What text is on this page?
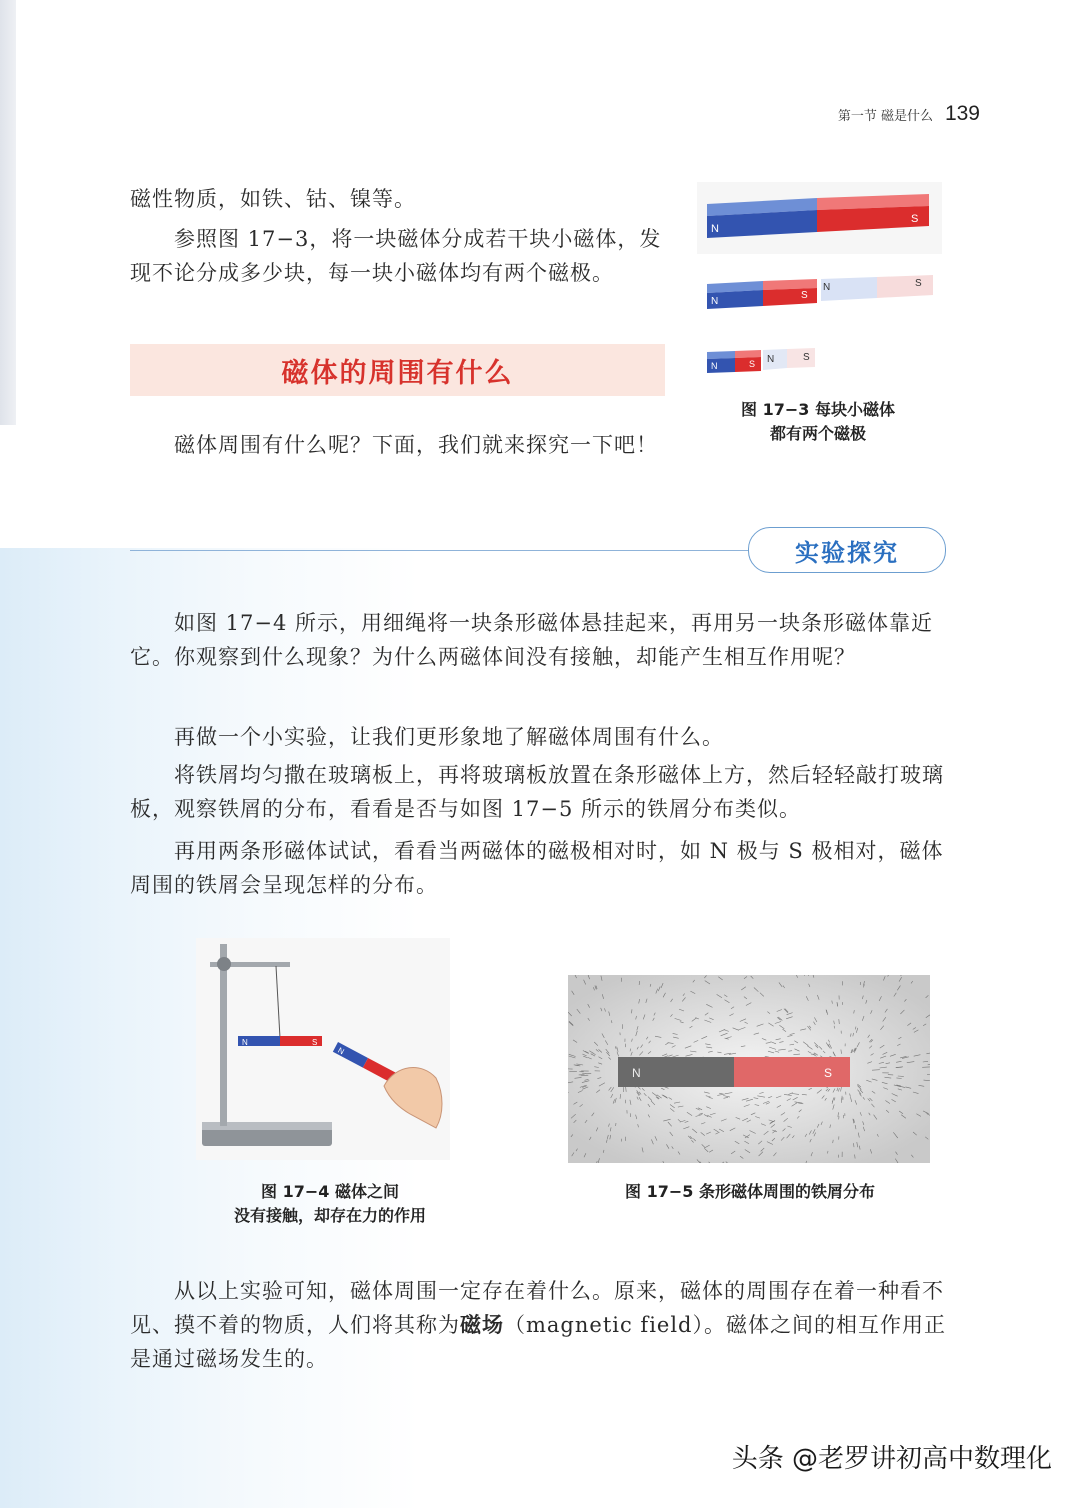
第一节 磁是什么 139

磁性物质，如铁、钴、镍等。

参照图 17−3，将一块磁体分成若干块小磁体，发现不论分成多少块，每一块小磁体均有两个磁极。

磁体的周围有什么

磁体周围有什么呢？下面，我们就来探究一下吧！

N
S
N
S
N	S
N	S N	S
图 17−3 每块小磁体
都有两个磁极
实验探究

如图 17−4 所示，用细绳将一块条形磁体悬挂起来，再用另一块条形磁体靠近它。你观察到什么现象？为什么两磁体间没有接触，却能产生相互作用呢？

再做一个小实验，让我们更形象地了解磁体周围有什么。

将铁屑均匀撒在玻璃板上，再将玻璃板放置在条形磁体上方，然后轻轻敲打玻璃板，观察铁屑的分布，看看是否与如图 17−5 所示的铁屑分布类似。

再用两条形磁体试试，看看当两磁体的磁极相对时，如 N 极与 S 极相对，磁体周围的铁屑会呈现怎样的分布。

N	S
N
图 17−4 磁体之间
没有接触，却存在力的作用
N	S
图 17−5 条形磁体周围的铁屑分布

从以上实验可知，磁体周围一定存在着什么。原来，磁体的周围存在着一种看不见、摸不着的物质，人们将其称为磁场（magnetic field）。磁体之间的相互作用正是通过磁场发生的。

头条 @老罗讲初高中数理化
